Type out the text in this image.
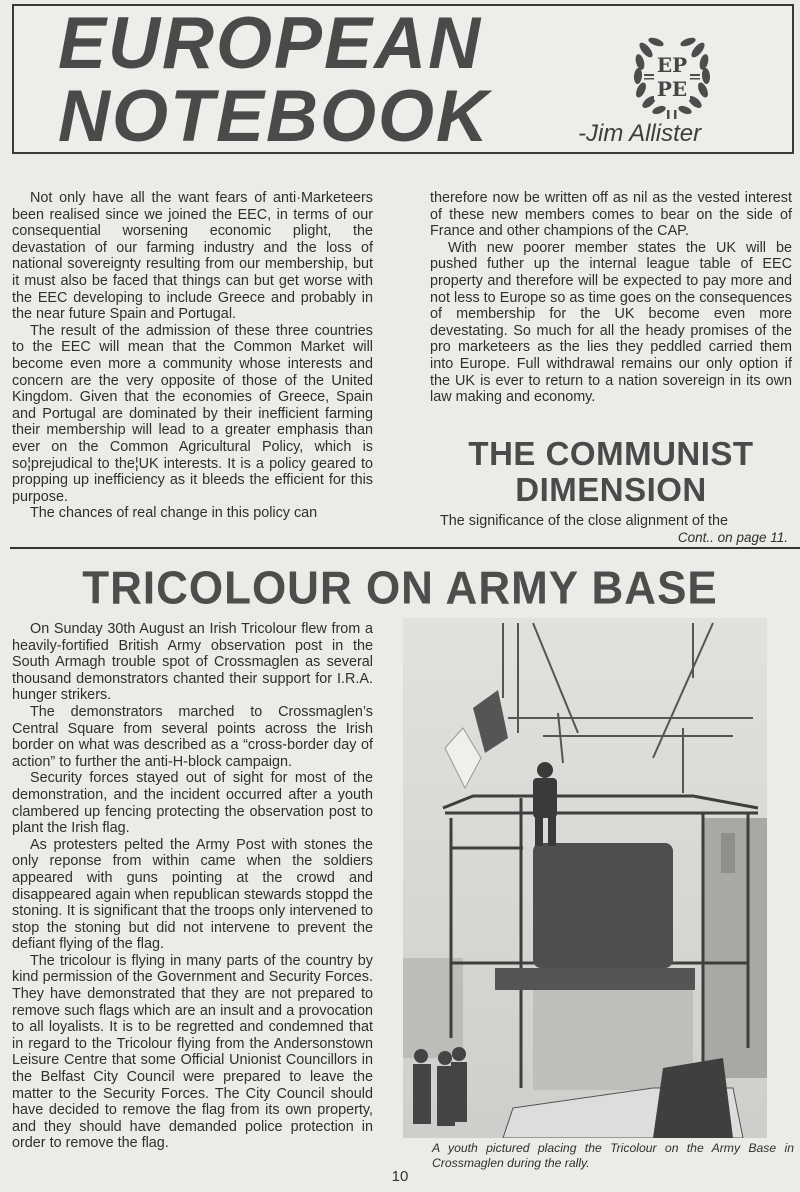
EUROPEAN
NOTEBOOK
EP
PE
-Jim Allister

Not only have all the want fears of anti·Marketeers been realised since we joined the EEC, in terms of our consequential worsening economic plight, the devastation of our farming industry and the loss of national sovereignty resulting from our membership, but it must also be faced that things can but get worse with the EEC developing to include Greece and probably in the near future Spain and Portugal.

The result of the admission of these three countries to the EEC will mean that the Common Market will become even more a community whose interests and concern are the very opposite of those of the United Kingdom. Given that the economies of Greece, Spain and Portugal are dominated by their inefficient farming their membership will lead to a greater emphasis than ever on the Common Agricultural Policy, which is so¦prejudical to the¦UK interests. It is a policy geared to propping up inefficiency as it bleeds the efficient for this purpose.

The chances of real change in this policy can

therefore now be written off as nil as the vested interest of these new members comes to bear on the side of France and other champions of the CAP.

With new poorer member states the UK will be pushed futher up the internal league table of EEC property and therefore will be expected to pay more and not less to Europe so as time goes on the consequences of membership for the UK become even more devestating. So much for all the heady promises of the pro marketeers as the lies they peddled carried them into Europe. Full withdrawal remains our only option if the UK is ever to return to a nation sovereign in its own law making and economy.

THE COMMUNIST
DIMENSION
The significance of the close alignment of the
Cont.. on page 11.
TRICOLOUR ON ARMY BASE

On Sunday 30th August an Irish Tricolour flew from a heavily-fortified British Army observation post in the South Armagh trouble spot of Crossmaglen as several thousand demonstrators chanted their support for I.R.A. hunger strikers.

The demonstrators marched to Crossmaglen’s Central Square from several points across the Irish border on what was described as a “cross-border day of action” to further the anti-H-block campaign.

Security forces stayed out of sight for most of the demonstration, and the incident occurred after a youth clambered up fencing protecting the observation post to plant the Irish flag.

As protesters pelted the Army Post with stones the only reponse from within came when the soldiers appeared with guns pointing at the crowd and disappeared again when republican stewards stoppd the stoning. It is significant that the troops only intervened to stop the stoning but did not intervene to prevent the defiant flying of the flag.

The tricolour is flying in many parts of the country by kind permission of the Government and Security Forces. They have demonstrated that they are not prepared to remove such flags which are an insult and a provocation to all loyalists. It is to be regretted and condemned that in regard to the Tricolour flying from the Andersonstown Leisure Centre that some Official Unionist Councillors in the Belfast City Council were prepared to leave the matter to the Security Forces. The City Council should have decided to remove the flag from its own property, and they should have demanded police protection in order to remove the flag.	A youth pictured placing the Tricolour on the Army Base in Crossmaglen during the rally.
10
